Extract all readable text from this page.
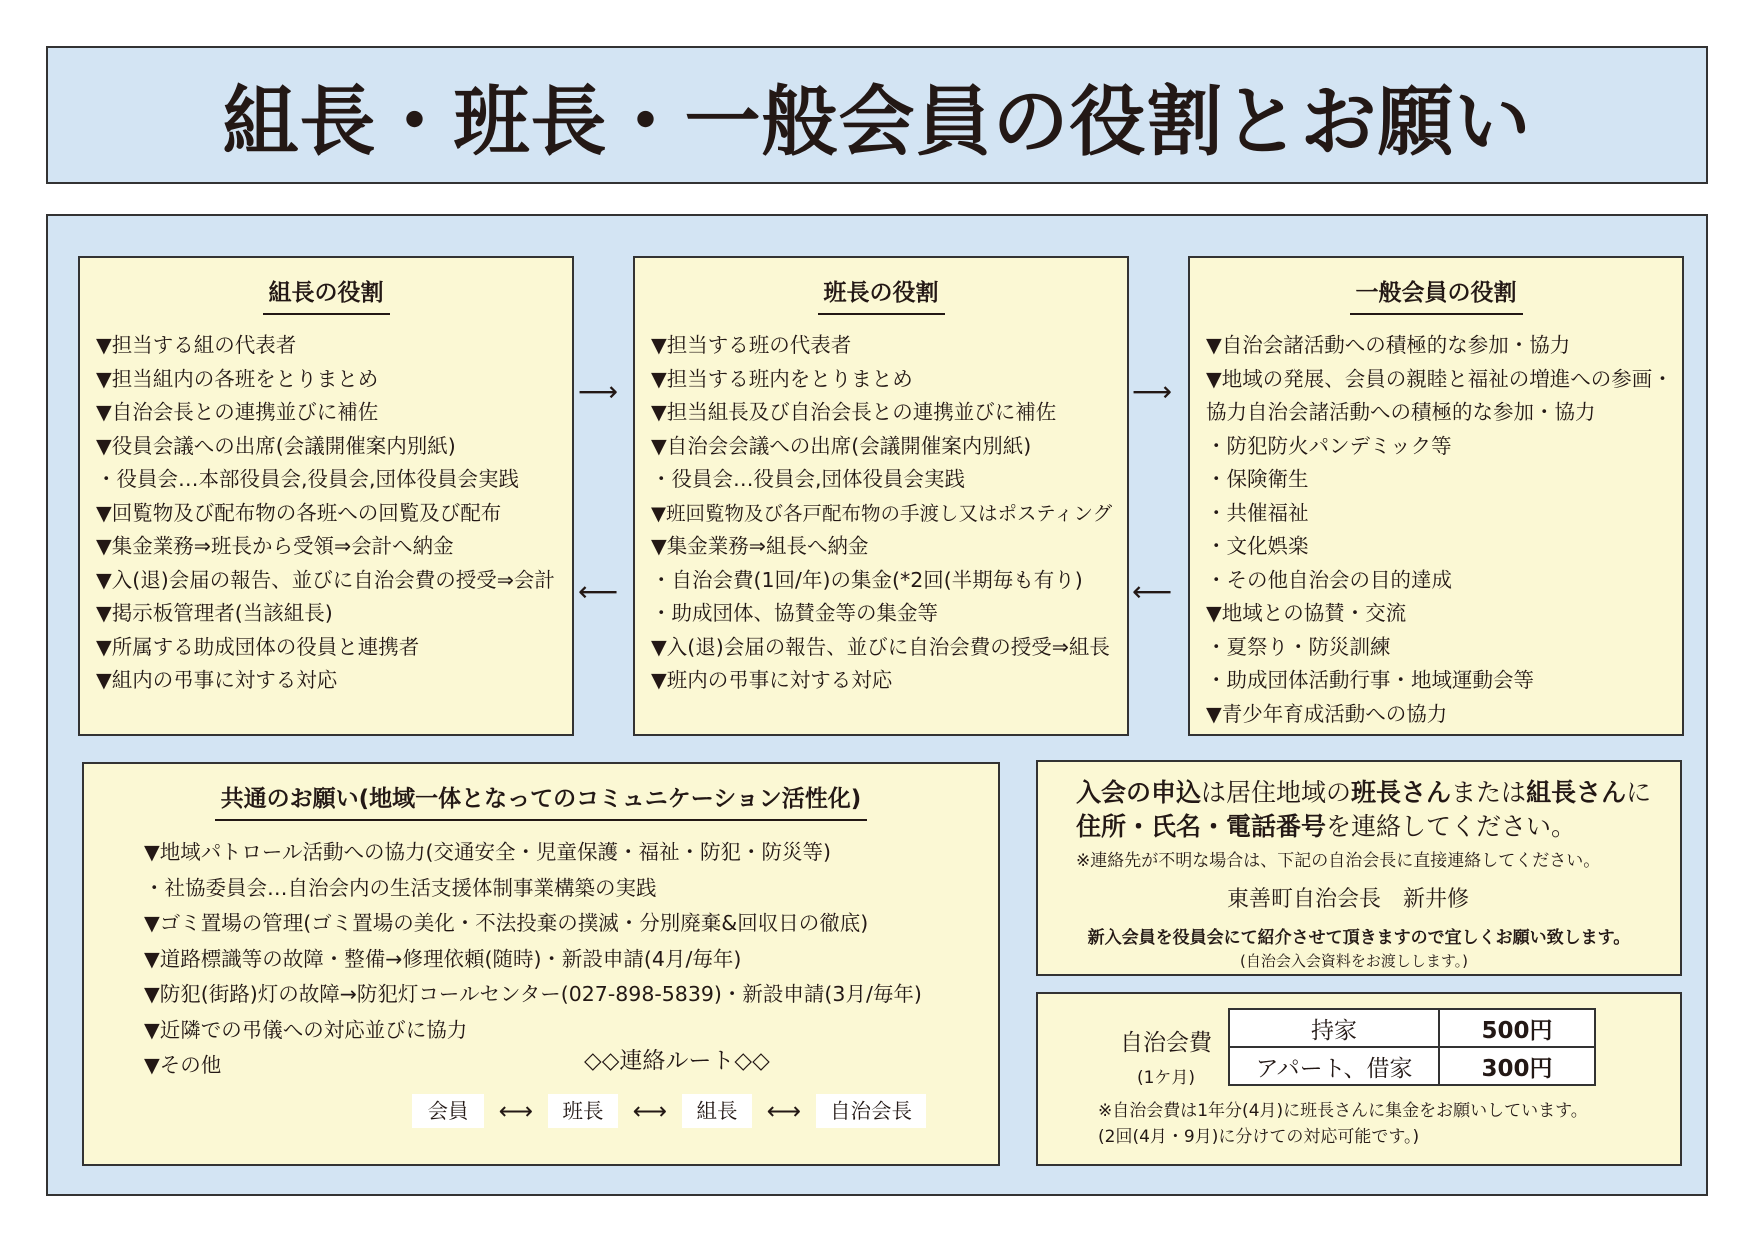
組長・班長・一般会員の役割とお願い
組長の役割
▼担当する組の代表者
▼担当組内の各班をとりまとめ
▼自治会長との連携並びに補佐
▼役員会議への出席(会議開催案内別紙)
・役員会…本部役員会,役員会,団体役員会実践
▼回覧物及び配布物の各班への回覧及び配布
▼集金業務⇒班長から受領⇒会計へ納金
▼入(退)会届の報告、並びに自治会費の授受⇒会計
▼掲示板管理者(当該組長)
▼所属する助成団体の役員と連携者
▼組内の弔事に対する対応
⟶
⟵
班長の役割
▼担当する班の代表者
▼担当する班内をとりまとめ
▼担当組長及び自治会長との連携並びに補佐
▼自治会会議への出席(会議開催案内別紙)
・役員会…役員会,団体役員会実践
▼班回覧物及び各戸配布物の手渡し又はポスティング
▼集金業務⇒組長へ納金
・自治会費(1回/年)の集金(*2回(半期毎も有り)
・助成団体、協賛金等の集金等
▼入(退)会届の報告、並びに自治会費の授受⇒組長
▼班内の弔事に対する対応
⟶
⟵
一般会員の役割
▼自治会諸活動への積極的な参加・協力
▼地域の発展、会員の親睦と福祉の増進への参画・
協力自治会諸活動への積極的な参加・協力
・防犯防火パンデミック等
・保険衛生
・共催福祉
・文化娯楽
・その他自治会の目的達成
▼地域との協賛・交流
・夏祭り・防災訓練
・助成団体活動行事・地域運動会等
▼青少年育成活動への協力
共通のお願い(地域一体となってのコミュニケーション活性化)
▼地域パトロール活動への協力(交通安全・児童保護・福祉・防犯・防災等)
・社協委員会…自治会内の生活支援体制事業構築の実践
▼ゴミ置場の管理(ゴミ置場の美化・不法投棄の撲滅・分別廃棄&回収日の徹底)
▼道路標識等の故障・整備→修理依頼(随時)・新設申請(4月/毎年)
▼防犯(街路)灯の故障→防犯灯コールセンター(027-898-5839)・新設申請(3月/毎年)
▼近隣での弔儀への対応並びに協力
▼その他	◇◇連絡ルート◇◇
会員	⟷	班長	⟷	組長	⟷	自治会長
入会の申込は居住地域の班長さんまたは組長さんに
住所・氏名・電話番号を連絡してください。
※連絡先が不明な場合は、下記の自治会長に直接連絡してください。
東善町自治会長　新井修
新入会員を役員会にて紹介させて頂きますので宜しくお願い致します。
(自治会入会資料をお渡しします。)
自治会費
(1ケ月)
持家	500円
アパート、借家	300円
※自治会費は1年分(4月)に班長さんに集金をお願いしています。
(2回(4月・9月)に分けての対応可能です。)
